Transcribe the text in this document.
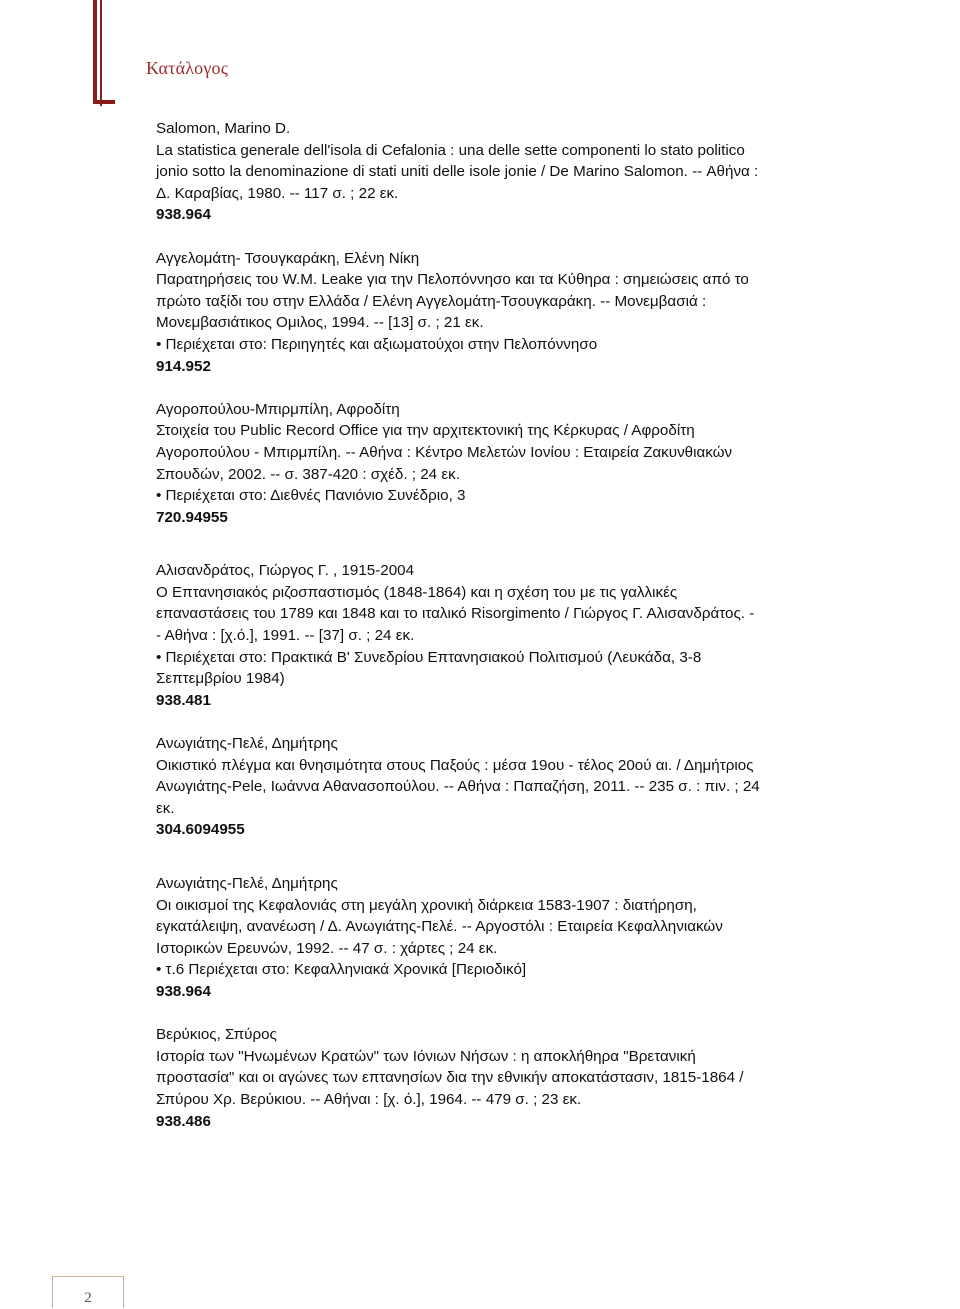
Κατάλογος

Salomon, Marino D.

La statistica generale dell'isola di Cefalonia : una delle sette componenti lo stato politico

jonio sotto la denominazione di stati uniti delle isole jonie / De Marino Salomon. -- Αθήνα :

Δ. Καραβίας, 1980. -- 117 σ. ; 22 εκ.

938.964

Αγγελομάτη- Τσουγκαράκη, Ελένη Νίκη

Παρατηρήσεις του W.M. Leake για την Πελοπόννησο και τα Κύθηρα : σημειώσεις από το

πρώτο ταξίδι του στην Ελλάδα / Ελένη Αγγελομάτη-Τσουγκαράκη. -- Μονεμβασιά :

Μονεμβασιάτικος Ομιλος, 1994. -- [13] σ. ; 21 εκ.

• Περιέχεται στο: Περιηγητές και αξιωματούχοι στην Πελοπόννησο

914.952

Αγοροπούλου-Μπιρμπίλη, Αφροδίτη

Στοιχεία του Public Record Office για την αρχιτεκτονική της Κέρκυρας / Αφροδίτη

Αγοροπούλου - Μπιρμπίλη. -- Αθήνα : Κέντρο Μελετών Ιονίου : Εταιρεία Ζακυνθιακών

Σπουδών, 2002. -- σ. 387-420 : σχέδ. ; 24 εκ.

• Περιέχεται στο: Διεθνές Πανιόνιο Συνέδριο, 3

720.94955

Αλισανδράτος, Γιώργος Γ. , 1915-2004

Ο Επτανησιακός ριζοσπαστισμός (1848-1864) και η σχέση του με τις γαλλικές

επαναστάσεις του 1789 και 1848 και το ιταλικό Risorgimento / Γιώργος Γ. Αλισανδράτος. -

- Αθήνα : [χ.ό.], 1991. -- [37] σ. ; 24 εκ.

• Περιέχεται στο: Πρακτικά Β' Συνεδρίου Επτανησιακού Πολιτισμού (Λευκάδα, 3-8

Σεπτεμβρίου 1984)

938.481

Ανωγιάτης-Πελέ, Δημήτρης

Οικιστικό πλέγμα και θνησιμότητα στους Παξούς : μέσα 19ου - τέλος 20ού αι. / Δημήτριος

Ανωγιάτης-Pele, Ιωάννα Αθανασοπούλου. -- Αθήνα : Παπαζήση, 2011. -- 235 σ. : πιν. ; 24

εκ.

304.6094955

Ανωγιάτης-Πελέ, Δημήτρης

Οι οικισμοί της Κεφαλονιάς στη μεγάλη χρονική διάρκεια 1583-1907 : διατήρηση,

εγκατάλειψη, ανανέωση / Δ. Ανωγιάτης-Πελέ. -- Αργοστόλι : Εταιρεία Κεφαλληνιακών

Ιστορικών Ερευνών, 1992. -- 47 σ. : χάρτες ; 24 εκ.

• τ.6 Περιέχεται στο: Κεφαλληνιακά Χρονικά [Περιοδικό]

938.964

Βερύκιος, Σπύρος

Ιστορία των "Ηνωμένων Κρατών" των Ιόνιων Νήσων : η αποκλήθηρα "Βρετανική

προστασία" και οι αγώνες των επτανησίων δια την εθνικήν αποκατάστασιν, 1815-1864 /

Σπύρου Χρ. Βερύκιου. -- Αθήναι : [χ. ό.], 1964. -- 479 σ. ; 23 εκ.

938.486

2
